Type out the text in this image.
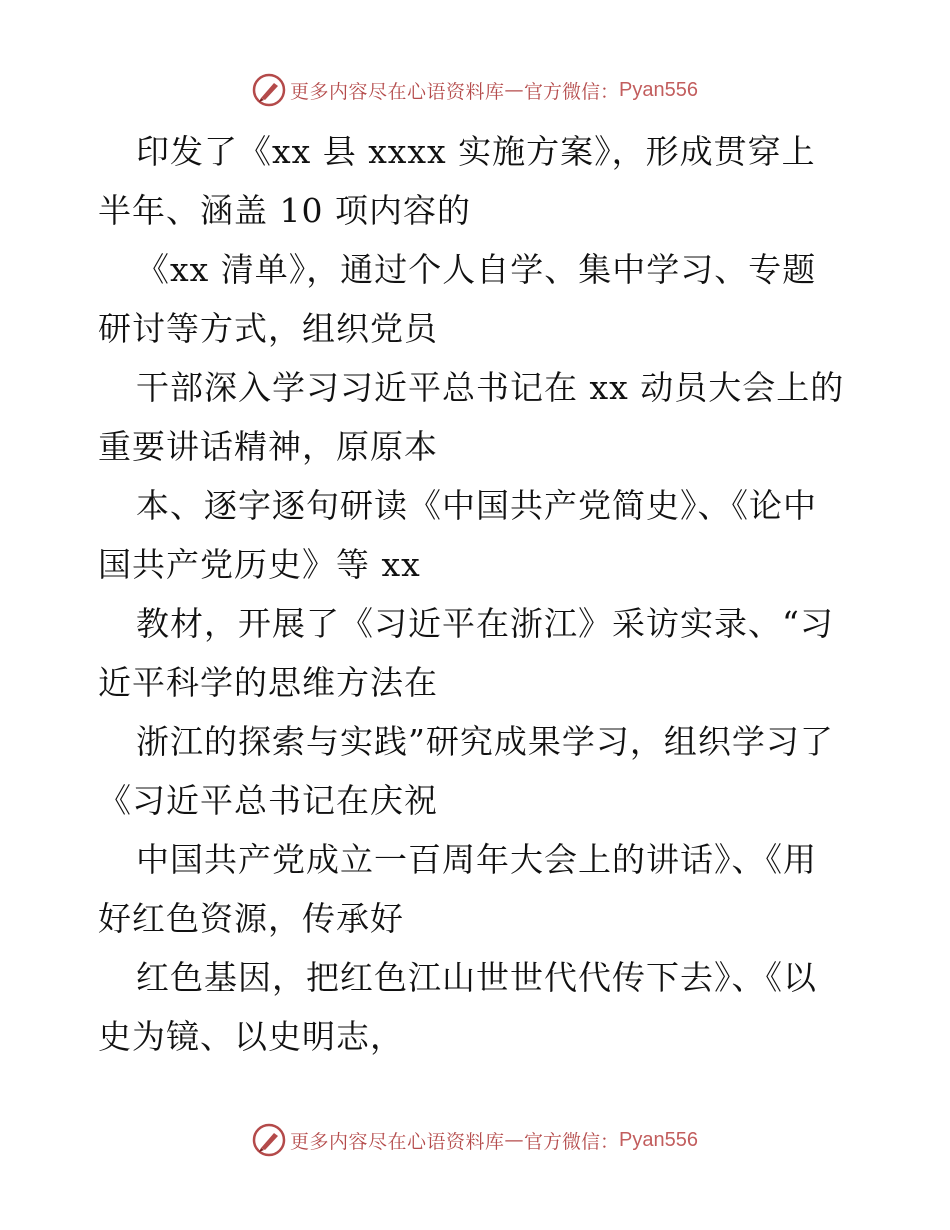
更多内容尽在心语资料库 — 官方微信： Pyan556
印发了《xx 县 xxxx 实施方案》，形成贯穿上
半年、涵盖 10 项内容的
《xx 清单》，通过个人自学、集中学习、专题
研讨等方式，组织党员
干部深入学习习近平总书记在 xx 动员大会上的
重要讲话精神，原原本
本、逐字逐句研读《中国共产党简史》、《论中
国共产党历史》等 xx
教材，开展了《习近平在浙江》采访实录、“习
近平科学的思维方法在
浙江的探索与实践”研究成果学习，组织学习了
《习近平总书记在庆祝
中国共产党成立一百周年大会上的讲话》、《用
好红色资源，传承好
红色基因，把红色江山世世代代传下去》、《以
史为镜、以史明志，
更多内容尽在心语资料库 — 官方微信： Pyan556
